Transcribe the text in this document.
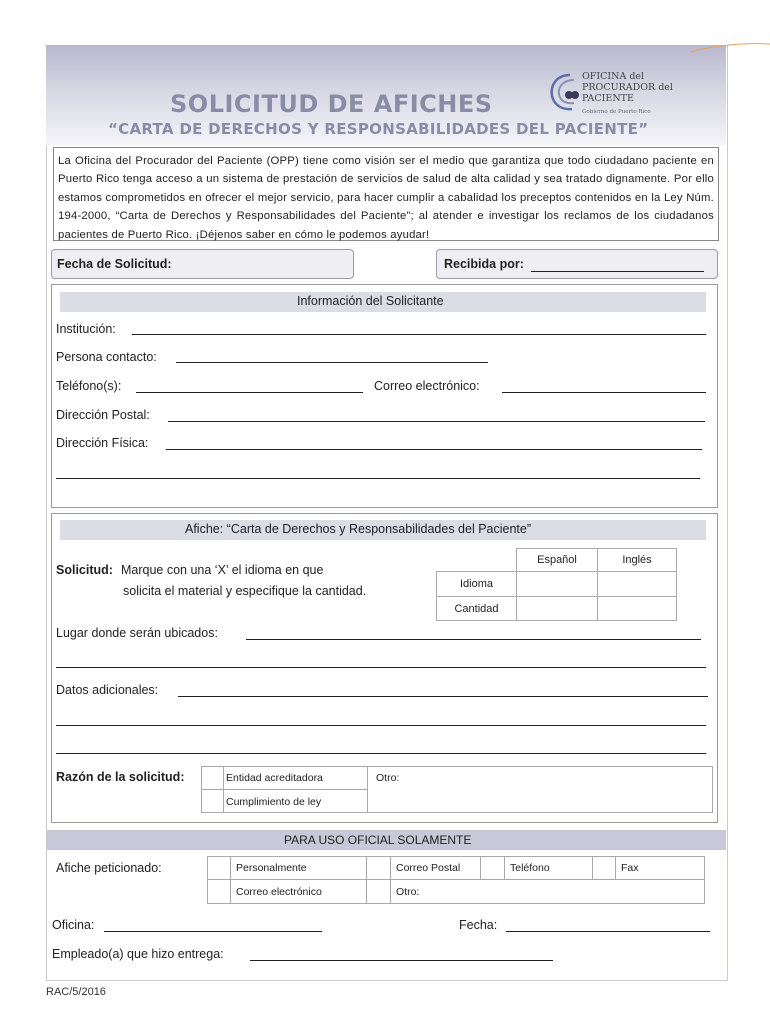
SOLICITUD DE AFICHES
“CARTA DE DERECHOS Y RESPONSABILIDADES DEL PACIENTE”
OFICINA del
PROCURADOR del
PACIENTE
Gobierno de Puerto Rico
La Oficina del Procurador del Paciente (OPP) tiene como visión ser el medio que garantiza que todo ciudadano paciente en Puerto Rico tenga acceso a un sistema de prestación de servicios de salud de alta calidad y sea tratado dignamente. Por ello estamos comprometidos en ofrecer el mejor servicio, para hacer cumplir a cabalidad los preceptos contenidos en la Ley Núm. 194-2000, “Carta de Derechos y Responsabilidades del Paciente”; al atender e investigar los reclamos de los ciudadanos pacientes de Puerto Rico. ¡Déjenos saber en cómo le podemos ayudar!
Fecha de Solicitud:	Recibida por:
Información del Solicitante
Institución:
Persona contacto:
Teléfono(s):	Correo electrónico:
Dirección Postal:
Dirección Física:
Afiche: “Carta de Derechos y Responsabilidades del Paciente”
Solicitud: Marque con una ‘X’ el idioma en que
solicita el material y especifique la cantidad.
Español	Inglés
Idioma
Cantidad
Lugar donde serán ubicados:
Datos adicionales:
Razón de la solicitud:	Entidad acreditadora
Cumplimiento de ley
Otro:
PARA USO OFICIAL SOLAMENTE
Afiche peticionado:	Personalmente	Correo Postal	Teléfono	Fax
Correo electrónico	Otro:
Oficina:	Fecha:
Empleado(a) que hizo entrega:
RAC/5/2016
